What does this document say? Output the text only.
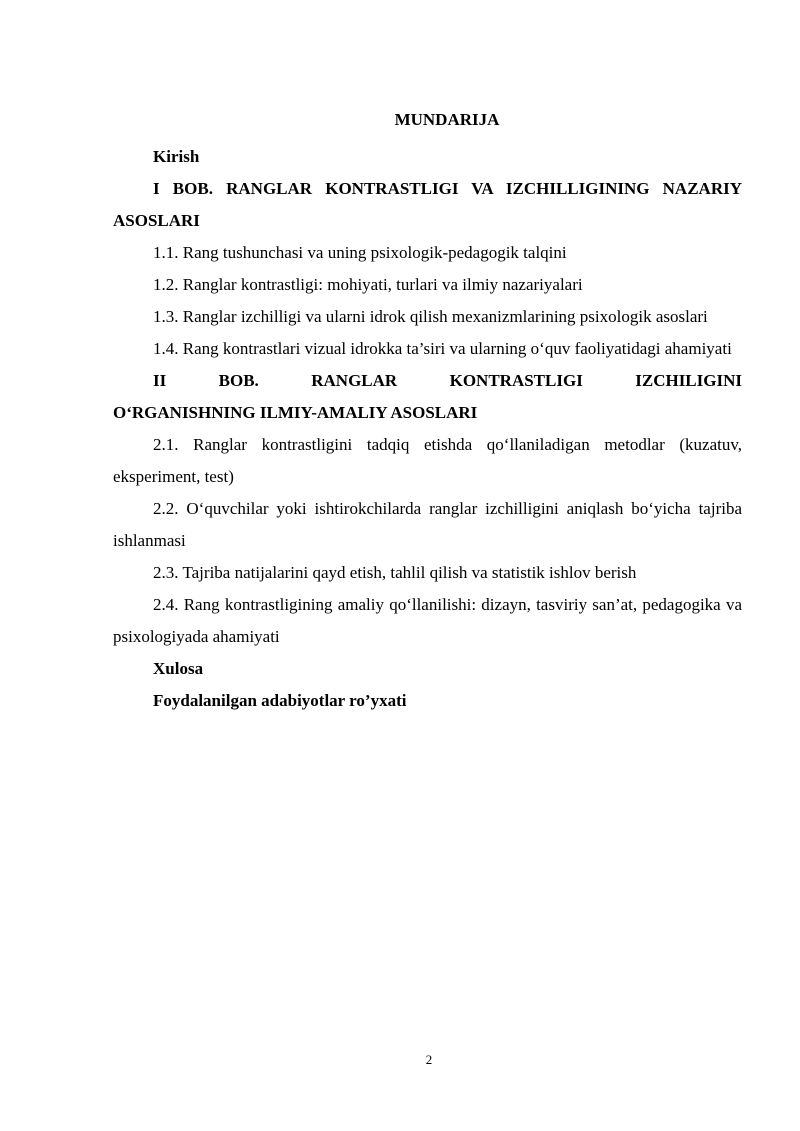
MUNDARIJA

Kirish

I BOB. RANGLAR KONTRASTLIGI VA IZCHILLIGINING NAZARIY ASOSLARI

1.1. Rang tushunchasi va uning psixologik-pedagogik talqini

1.2. Ranglar kontrastligi: mohiyati, turlari va ilmiy nazariyalari

1.3. Ranglar izchilligi va ularni idrok qilish mexanizmlarining psixologik asoslari

1.4. Rang kontrastlari vizual idrokka ta’siri va ularning o‘quv faoliyatidagi ahamiyati

II BOB. RANGLAR KONTRASTLIGI IZCHILIGINI

O‘RGANISHNING ILMIY-AMALIY ASOSLARI

2.1. Ranglar kontrastligini tadqiq etishda qo‘llaniladigan metodlar (kuzatuv, eksperiment, test)

2.2. O‘quvchilar yoki ishtirokchilarda ranglar izchilligini aniqlash bo‘yicha tajriba ishlanmasi

2.3. Tajriba natijalarini qayd etish, tahlil qilish va statistik ishlov berish

2.4. Rang kontrastligining amaliy qo‘llanilishi: dizayn, tasviriy san’at, pedagogika va psixologiyada ahamiyati

Xulosa

Foydalanilgan adabiyotlar ro’yxati

2
